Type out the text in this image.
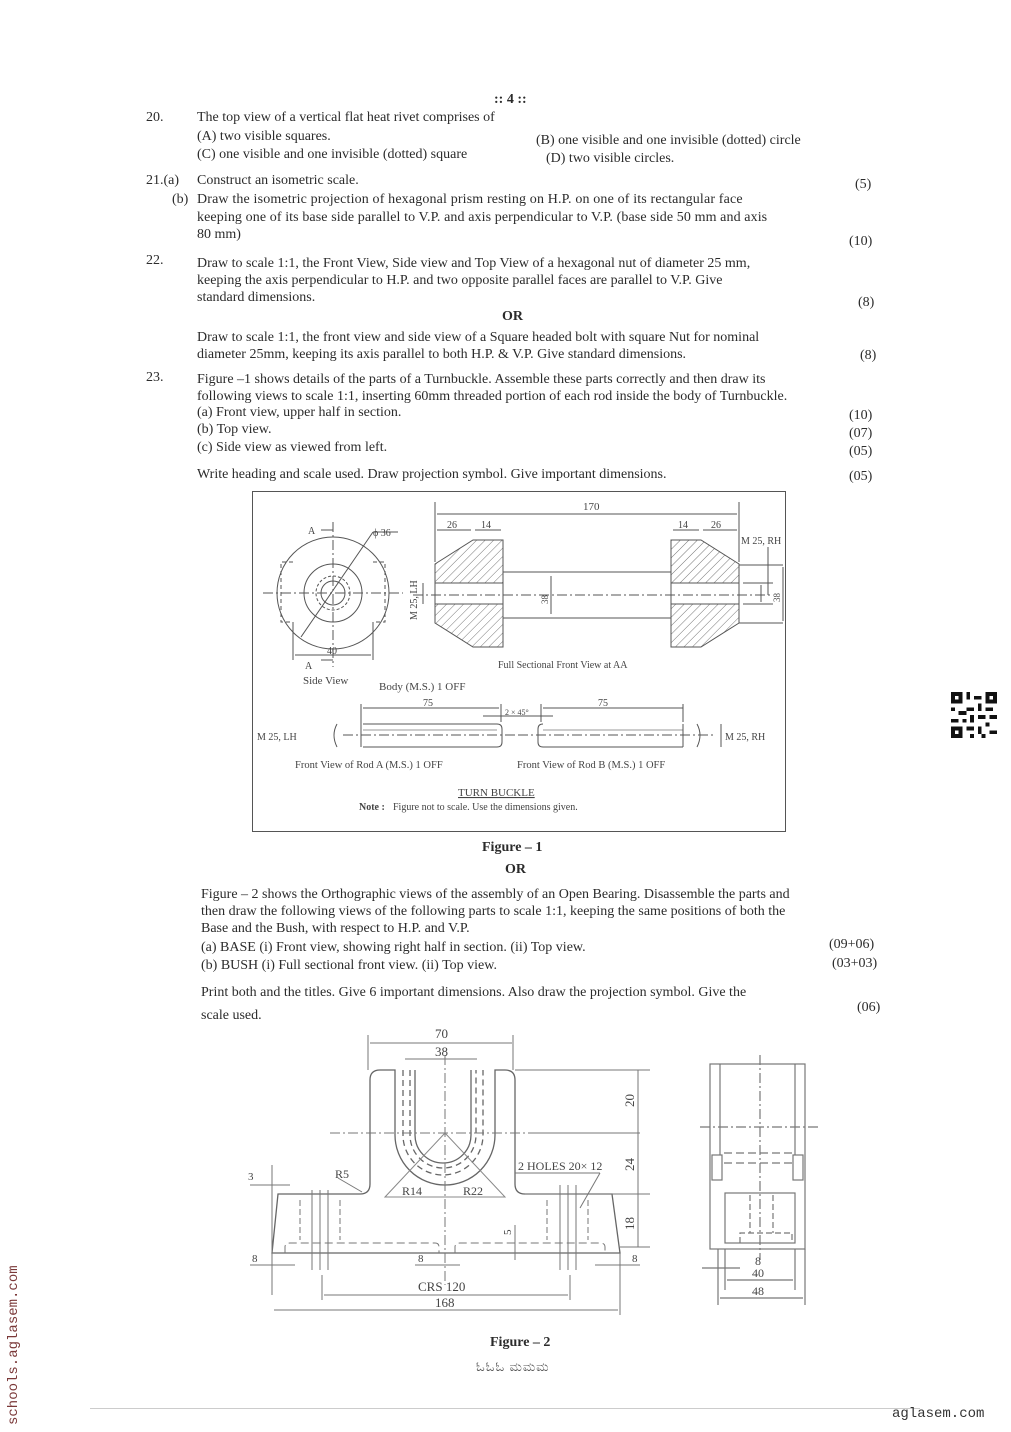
:: 4 ::
20. The top view of a vertical flat heat rivet comprises of
(A) two visible squares.	(B) one visible and one invisible (dotted) circle
(C) one visible and one invisible (dotted) square	(D) two visible circles.
21.(a) Construct an isometric scale.	(5)
(b) Draw the isometric projection of hexagonal prism resting on H.P. on one of its rectangular face
keeping one of its base side parallel to V.P. and axis perpendicular to V.P. (base side 50 mm and axis
80 mm)	(10)
22. Draw to scale 1:1, the Front View, Side view and Top View of a hexagonal nut of diameter 25 mm,
keeping the axis perpendicular to H.P. and two opposite parallel faces are parallel to V.P. Give
standard dimensions.	(8)
OR
Draw to scale 1:1, the front view and side view of a Square headed bolt with square Nut for nominal
diameter 25mm, keeping its axis parallel to both H.P. & V.P. Give standard dimensions.	(8)
23. Figure –1 shows details of the parts of a Turnbuckle. Assemble these parts correctly and then draw its
following views to scale 1:1, inserting 60mm threaded portion of each rod inside the body of Turnbuckle.
(a) Front view, upper half in section.	(10)
(b) Top view.	(07)
(c) Side view as viewed from left.	(05)
Write heading and scale used. Draw projection symbol. Give important dimensions.	(05)
A	ϕ 36
40
A
Side View	Body (M.S.) 1 OFF
170
26 14	14 26
M 25, RH
M 25, LH	38	38
Full Sectional Front View at AA
75
2 × 45°
75
M 25, LH	M 25, RH
Front View of Rod A (M.S.) 1 OFF	Front View of Rod B (M.S.) 1 OFF
TURN BUCKLE
Note : Figure not to scale. Use the dimensions given.
Figure – 1
OR
Figure – 2 shows the Orthographic views of the assembly of an Open Bearing. Disassemble the parts and
then draw the following views of the following parts to scale 1:1, keeping the same positions of both the
Base and the Bush, with respect to H.P. and V.P.
(a) BASE (i) Front view, showing right half in section. (ii) Top view.	(09+06)
(b) BUSH (i) Full sectional front view. (ii) Top view.	(03+03)
Print both and the titles. Give 6 important dimensions. Also draw the projection symbol. Give the
scale used.
(06)
70
38
20
24
18
5
3	R5
R14	R22
2 HOLES 20× 12
8	8	8
CRS 120
168
8
40
48
Figure – 2
ಓಓಓ ಮಮಮ
schools.aglasem.com	aglasem.com
